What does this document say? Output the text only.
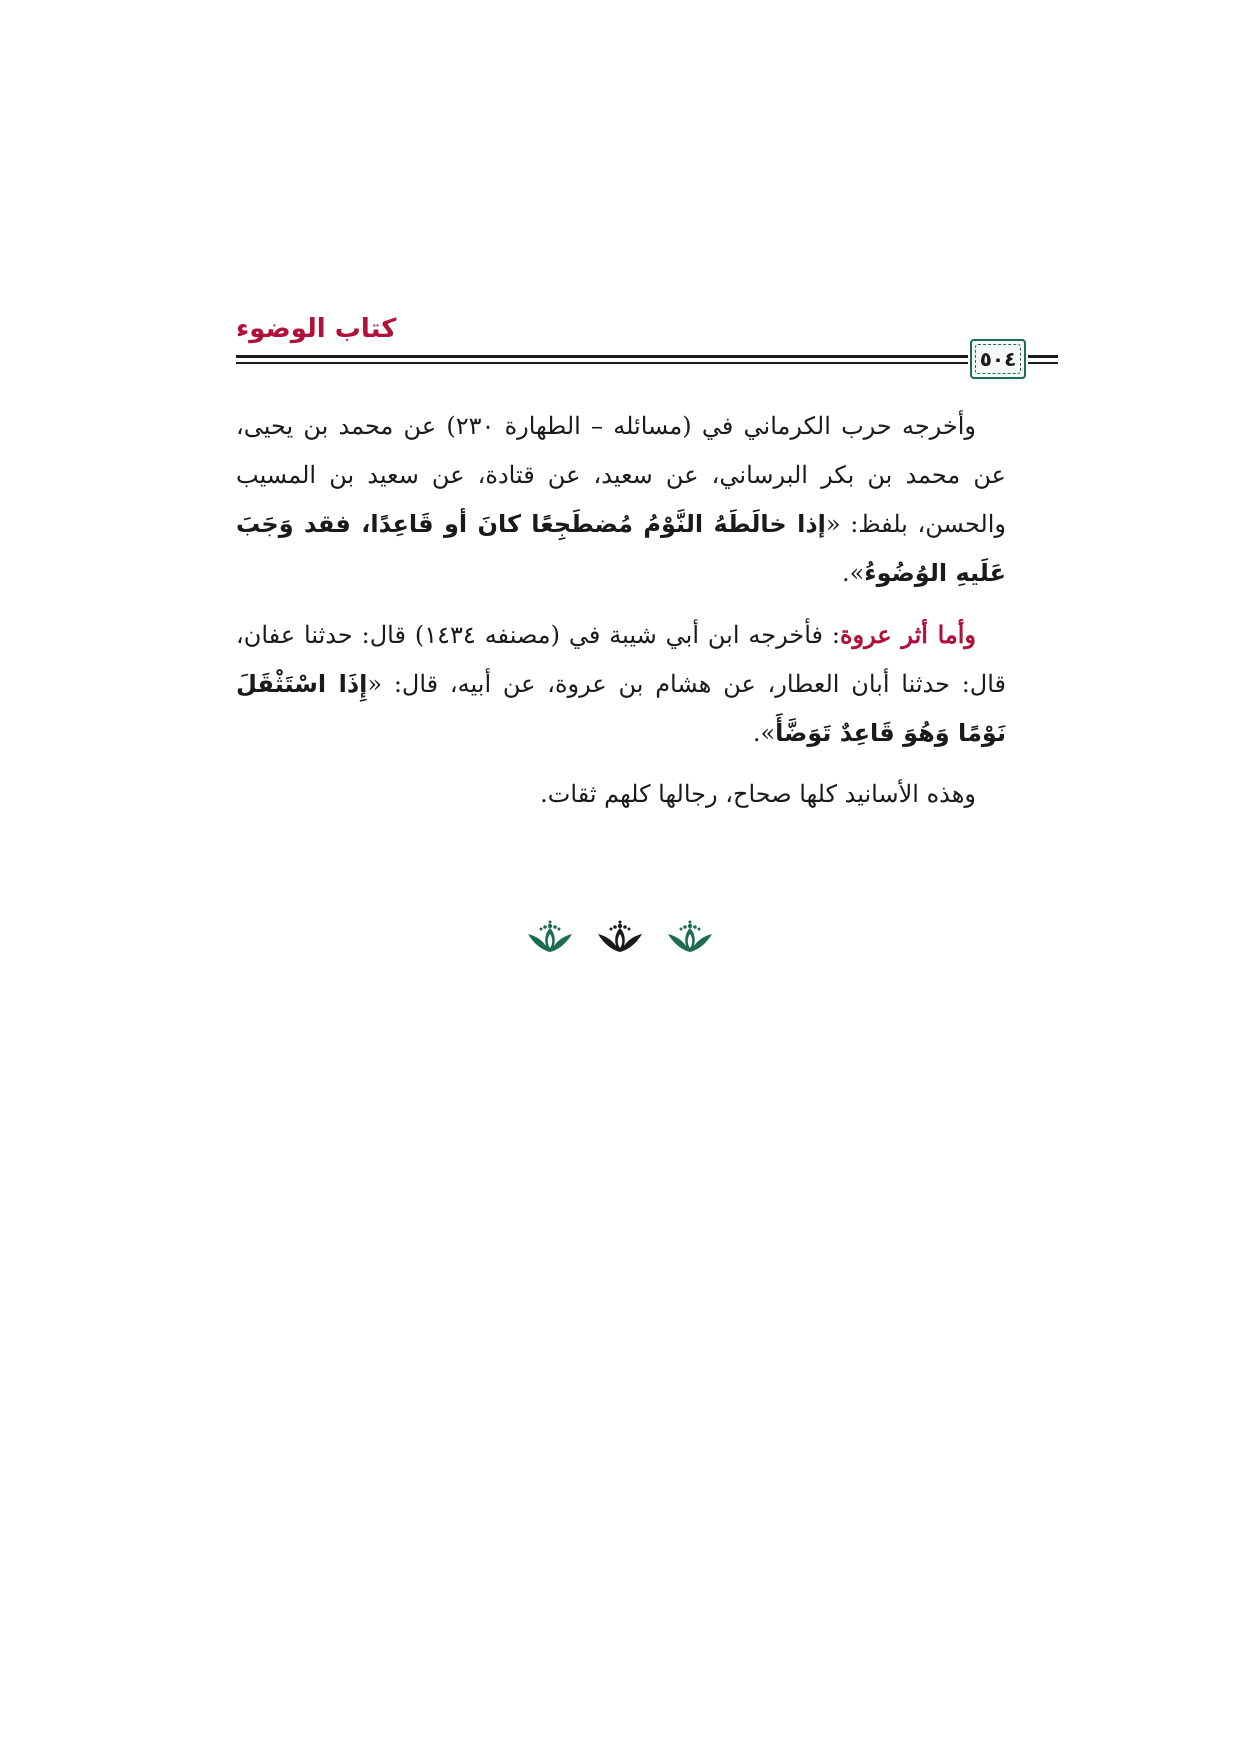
كتاب الوضوء
٥٠٤

وأخرجه حرب الكرماني في (مسائله – الطهارة ٢٣٠) عن محمد بن يحيى، عن محمد بن بكر البرساني، عن سعيد، عن قتادة، عن سعيد بن المسيب والحسن، بلفظ: «إذا خالَطَهُ النَّوْمُ مُضطَجِعًا كانَ أو قَاعِدًا، فقد وَجَبَ عَلَيهِ الوُضُوءُ».

وأما أثر عروة: فأخرجه ابن أبي شيبة في (مصنفه ١٤٣٤) قال: حدثنا عفان، قال: حدثنا أبان العطار، عن هشام بن عروة، عن أبيه، قال: «إِذَا اسْتَثْقَلَ نَوْمًا وَهُوَ قَاعِدٌ تَوَضَّأَ».

وهذه الأسانيد كلها صحاح، رجالها كلهم ثقات.
